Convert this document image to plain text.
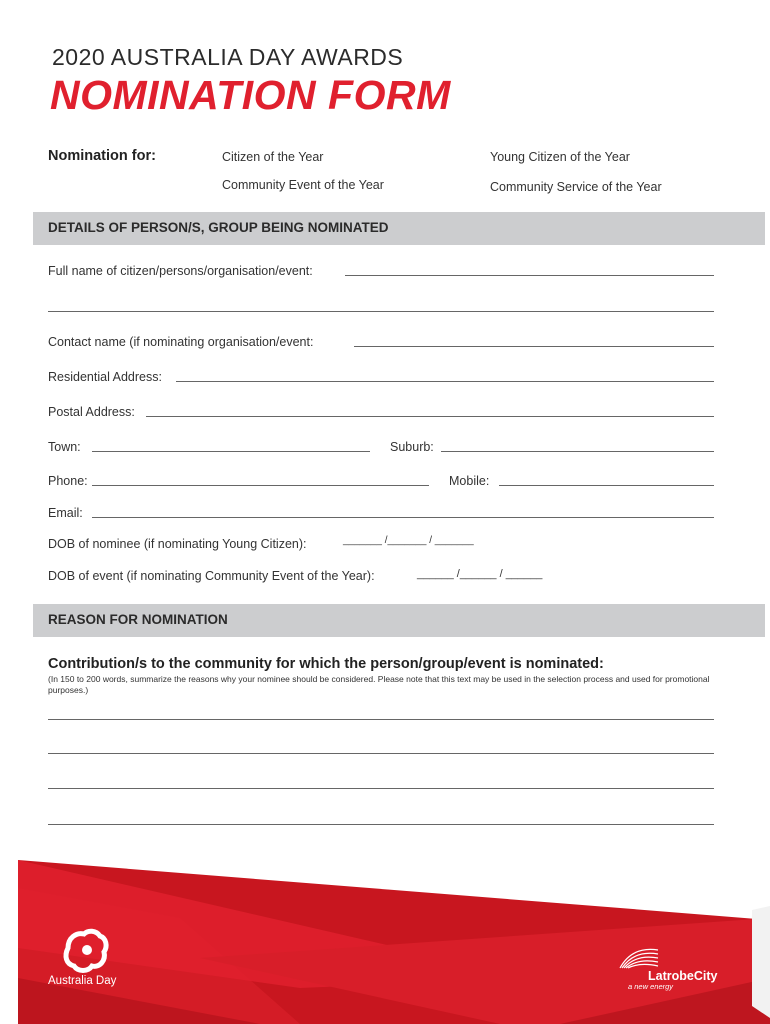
2020 AUSTRALIA DAY AWARDS
NOMINATION FORM
Nomination for:	Citizen of the Year	Young Citizen of the Year
Community Event of the Year	Community Service of the Year
DETAILS OF PERSON/S, GROUP BEING NOMINATED
Full name of citizen/persons/organisation/event:
Contact name (if nominating organisation/event:
Residential Address:
Postal Address:
Town:	Suburb:
Phone:	Mobile:
Email:
DOB of nominee (if nominating Young Citizen):	_______ /_______ / _______
DOB of event (if nominating Community Event of the Year):	______ /______ / ______
REASON FOR NOMINATION
Contribution/s to the community for which the person/group/event is nominated:
(In 150 to 200 words, summarize the reasons why your nominee should be considered. Please note that this text may be used in the selection process and used for promotional purposes.)
Australia Day	LatrobeCity
a new energy
